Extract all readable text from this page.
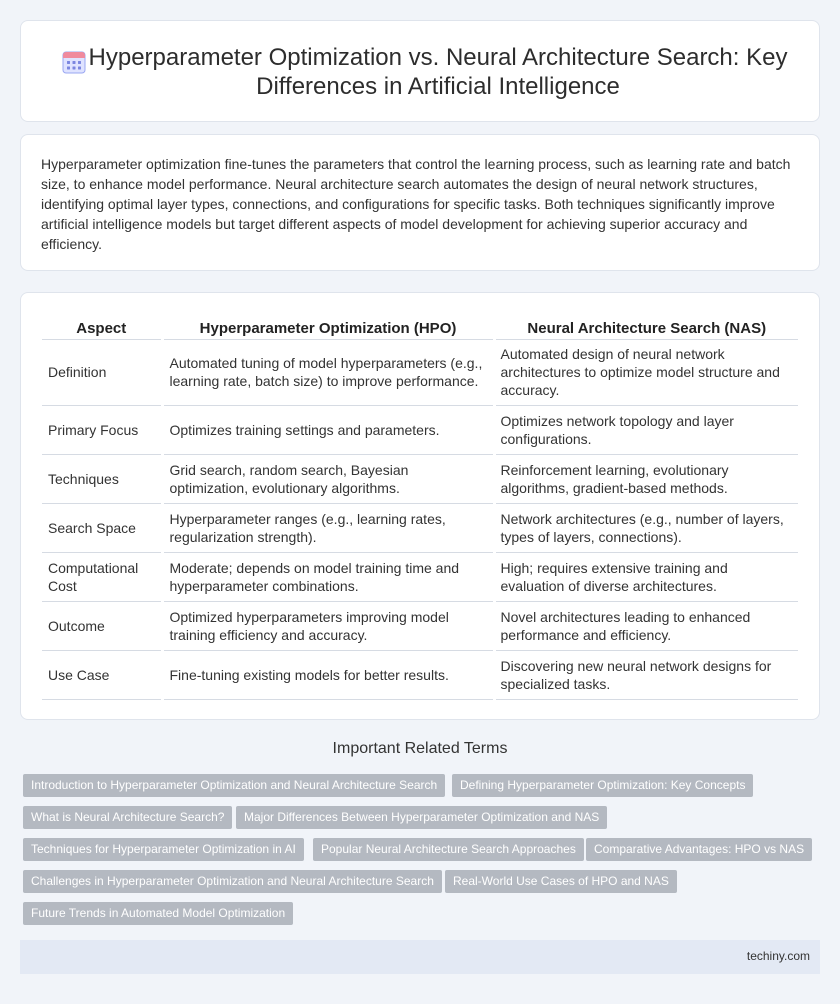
Hyperparameter Optimization vs. Neural Architecture Search: Key Differences in Artificial Intelligence

Hyperparameter optimization fine-tunes the parameters that control the learning process, such as learning rate and batch size, to enhance model performance. Neural architecture search automates the design of neural network structures, identifying optimal layer types, connections, and configurations for specific tasks. Both techniques significantly improve artificial intelligence models but target different aspects of model development for achieving superior accuracy and efficiency.

Aspect	Hyperparameter Optimization (HPO)	Neural Architecture Search (NAS)
Definition	Automated tuning of model hyperparameters (e.g., learning rate, batch size) to improve performance.	Automated design of neural network architectures to optimize model structure and accuracy.
Primary Focus	Optimizes training settings and parameters.	Optimizes network topology and layer configurations.
Techniques	Grid search, random search, Bayesian optimization, evolutionary algorithms.	Reinforcement learning, evolutionary algorithms, gradient-based methods.
Search Space	Hyperparameter ranges (e.g., learning rates, regularization strength).	Network architectures (e.g., number of layers, types of layers, connections).
Computational Cost	Moderate; depends on model training time and hyperparameter combinations.	High; requires extensive training and evaluation of diverse architectures.
Outcome	Optimized hyperparameters improving model training efficiency and accuracy.	Novel architectures leading to enhanced performance and efficiency.
Use Case	Fine-tuning existing models for better results.	Discovering new neural network designs for specialized tasks.
Important Related Terms
Introduction to Hyperparameter Optimization and Neural Architecture Search	Defining Hyperparameter Optimization: Key Concepts
What is Neural Architecture Search?	Major Differences Between Hyperparameter Optimization and NAS
Techniques for Hyperparameter Optimization in AI	Popular Neural Architecture Search Approaches	Comparative Advantages: HPO vs NAS
Challenges in Hyperparameter Optimization and Neural Architecture Search	Real-World Use Cases of HPO and NAS
Future Trends in Automated Model Optimization
techiny.com
